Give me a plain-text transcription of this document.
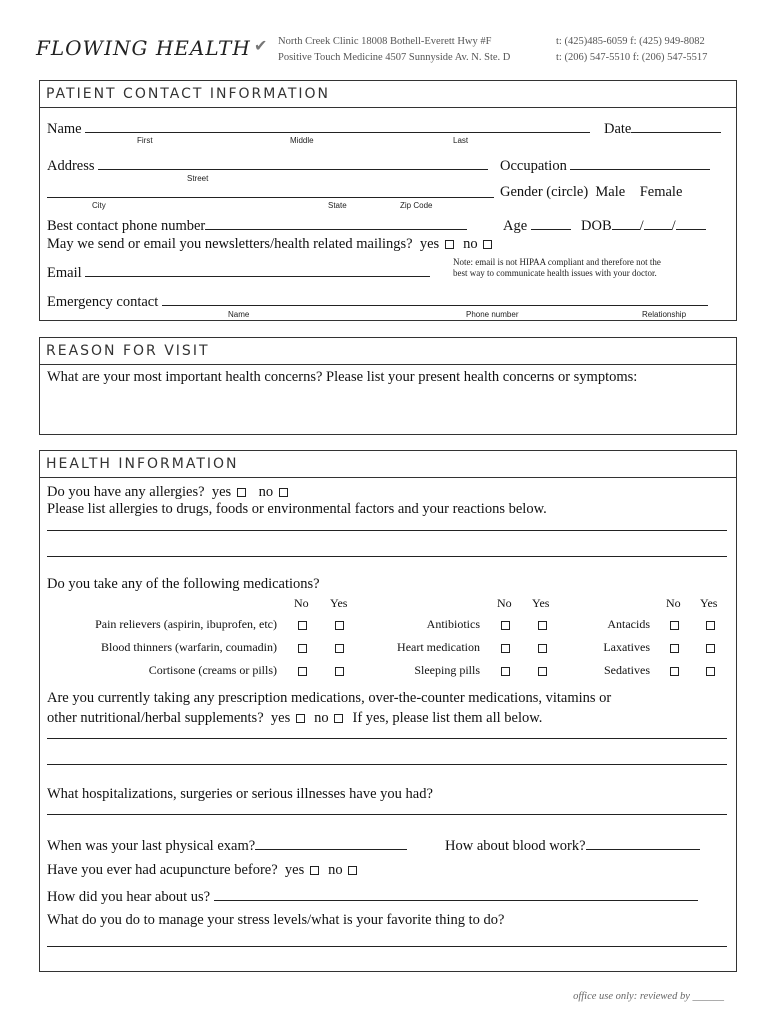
FLOWING HEALTH ✔ North Creek Clinic 18008 Bothell-Everett Hwy #F	t: (425)485-6059 f: (425) 949-8082
Positive Touch Medicine 4507 Sunnyside Av. N. Ste. D	t: (206) 547-5510 f: (206) 547-5517
PATIENT CONTACT INFORMATION
Name	Date
First	Middle	Last
Address	Occupation
Street
Gender (circle) Male Female
City	State	Zip Code
Best contact phone number	Age	DOB / /
May we send or email you newsletters/health related mailings? yes no
Email
Note: email is not HIPAA compliant and therefore not the
best way to communicate health issues with your doctor.
Emergency contact
Name	Phone number	Relationship
REASON FOR VISIT
What are your most important health concerns? Please list your present health concerns or symptoms:
HEALTH INFORMATION
Do you have any allergies? yes no
Please list allergies to drugs, foods or environmental factors and your reactions below.
Do you take any of the following medications?
No Yes	No Yes	No Yes
Pain relievers (aspirin, ibuprofen, etc)	Antibiotics	Antacids
Blood thinners (warfarin, coumadin)	Heart medication	Laxatives
Cortisone (creams or pills)	Sleeping pills	Sedatives
Are you currently taking any prescription medications, over-the-counter medications, vitamins or
other nutritional/herbal supplements? yes no If yes, please list them all below.
What hospitalizations, surgeries or serious illnesses have you had?
When was your last physical exam?	How about blood work?
Have you ever had acupuncture before? yes no
How did you hear about us?
What do you do to manage your stress levels/what is your favorite thing to do?
office use only: reviewed by ______
